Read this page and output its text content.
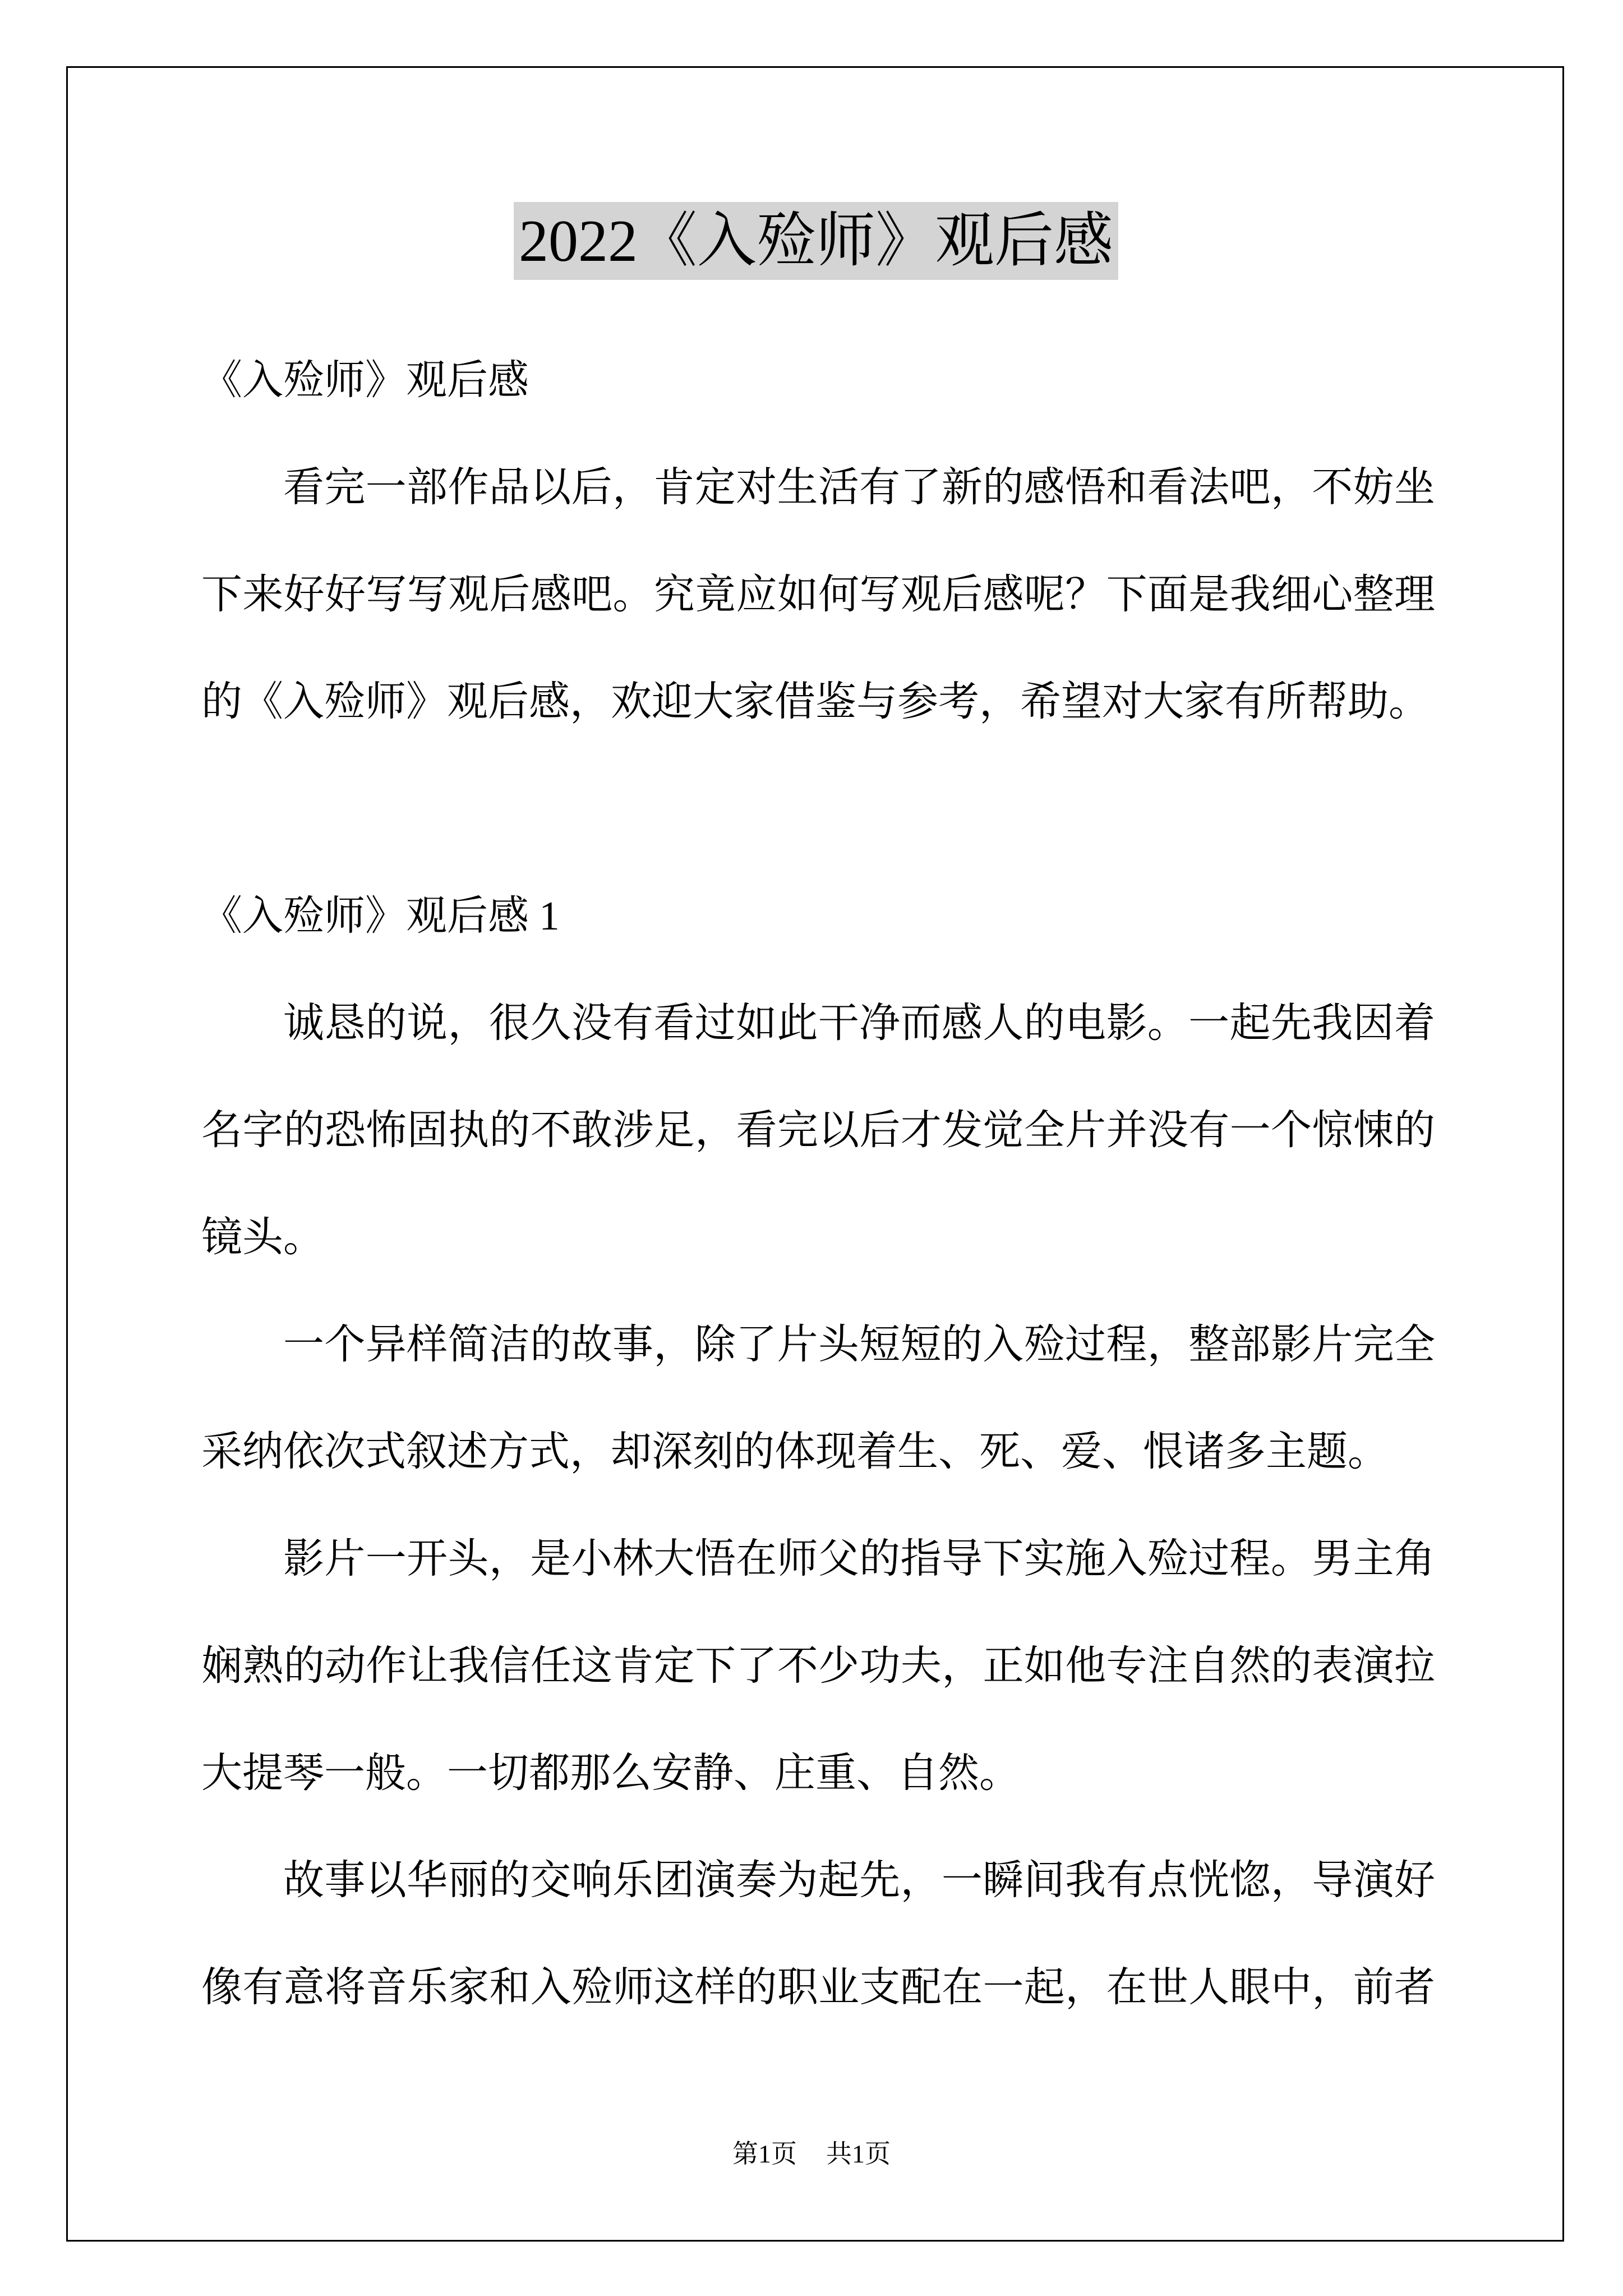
2022《入殓师》观后感
《入殓师》观后感
看完一部作品以后，肯定对生活有了新的感悟和看法吧，不妨坐
下来好好写写观后感吧。究竟应如何写观后感呢？下面是我细心整理
的《入殓师》观后感，欢迎大家借鉴与参考，希望对大家有所帮助。
《入殓师》观后感 1
诚恳的说，很久没有看过如此干净而感人的电影。一起先我因着
名字的恐怖固执的不敢涉足，看完以后才发觉全片并没有一个惊悚的
镜头。
一个异样简洁的故事，除了片头短短的入殓过程，整部影片完全
采纳依次式叙述方式，却深刻的体现着生、死、爱、恨诸多主题。
影片一开头，是小林大悟在师父的指导下实施入殓过程。男主角
娴熟的动作让我信任这肯定下了不少功夫，正如他专注自然的表演拉
大提琴一般。一切都那么安静、庄重、自然。
故事以华丽的交响乐团演奏为起先，一瞬间我有点恍惚，导演好
像有意将音乐家和入殓师这样的职业支配在一起，在世人眼中，前者
第1页 共1页
